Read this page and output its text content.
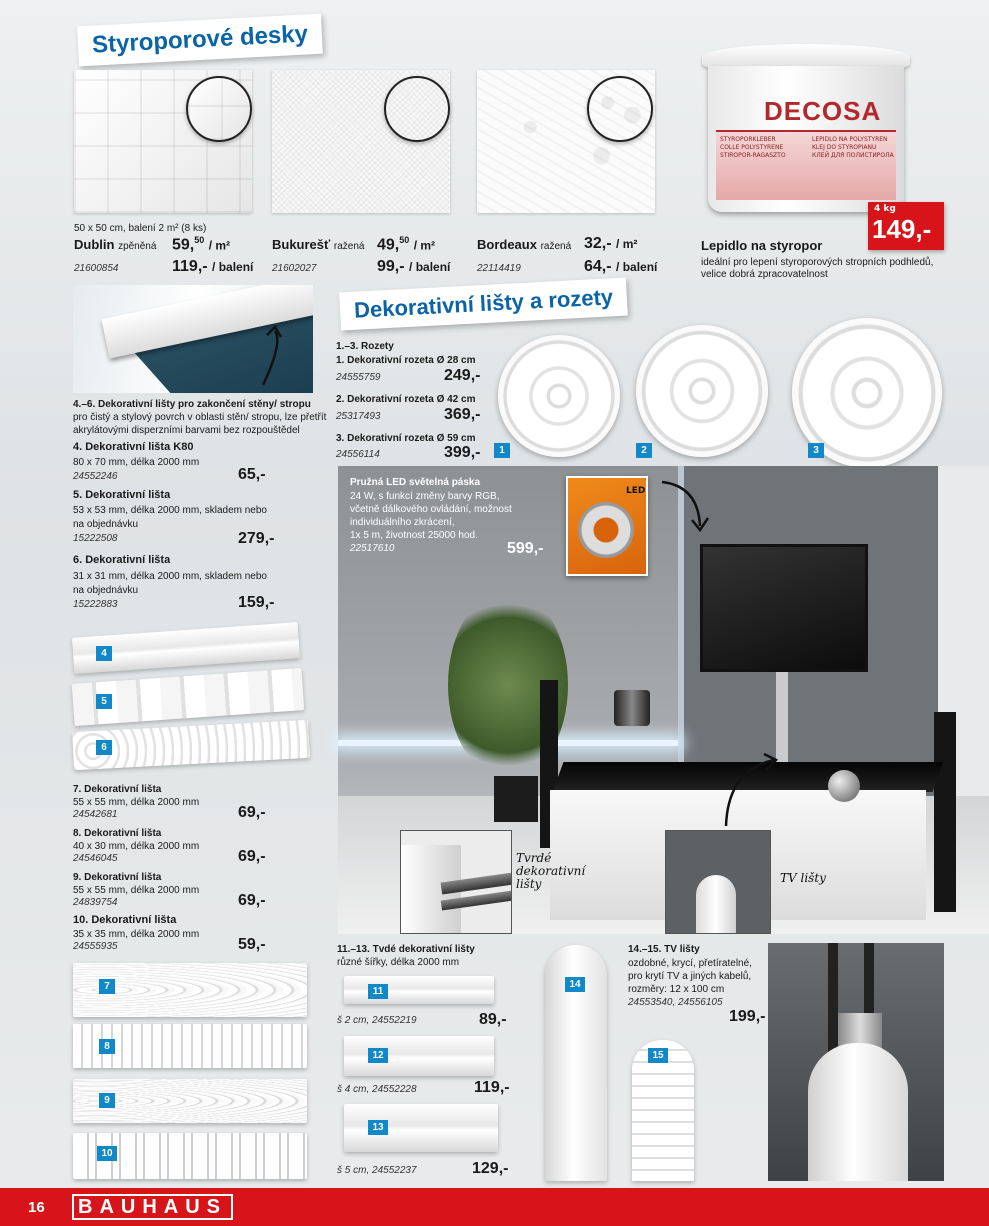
Styroporové desky
50 x 50 cm, balení 2 m² (8 ks)
Dublin zpěněná 59,50 / m²
21600854	119,- / balení
Bukurešť ražená 49,50 / m²
21602027	99,- / balení
Bordeaux ražená 32,- / m²
22114419	64,- / balení
DECOSA
STYROPORKLEBER
COLLE POLYSTYRENE
STIROPOR-RAGASZTO
LEPIDLO NA POLYSTYREN
KLEJ DO STYROPIANU
КЛЕЙ ДЛЯ ПОЛИСТИРОЛА
4 kg
149,-
Lepidlo na styropor
ideální pro lepení styroporových stropních podhledů,
velice dobrá zpracovatelnost
Dekorativní lišty a rozety
1.–3. Rozety
1. Dekorativní rozeta Ø 28 cm
24555759	249,-
2. Dekorativní rozeta Ø 42 cm
25317493	369,-
3. Dekorativní rozeta Ø 59 cm
24556114	399,-	1	2	3
4.–6. Dekorativní lišty pro zakončení stěny/ stropu
pro čistý a stylový povrch v oblasti stěn/ stropu, lze přetřít
akrylátovými disperzními barvami bez rozpouštědel
4. Dekorativní lišta K80
80 x 70 mm, délka 2000 mm
24552246	65,-
5. Dekorativní lišta
53 x 53 mm, délka 2000 mm, skladem nebo
na objednávku
15222508	279,-
6. Dekorativní lišta
31 x 31 mm, délka 2000 mm, skladem nebo
na objednávku
15222883	159,-
4
5
6
7. Dekorativní lišta
55 x 55 mm, délka 2000 mm
24542681	69,-
8. Dekorativní lišta
40 x 30 mm, délka 2000 mm
24546045	69,-
9. Dekorativní lišta
55 x 55 mm, délka 2000 mm
24839754	69,-
10. Dekorativní lišta
35 x 35 mm, délka 2000 mm
24555935	59,-
7
8
9
10
Pružná LED světelná páska
24 W, s funkcí změny barvy RGB,
včetně dálkového ovládání, možnost
individuálního zkrácení,
1x 5 m, životnost 25000 hod.
22517610	599,-
LED
Tvrdé
dekorativní
lišty	TV lišty
11.–13. Tvdé dekorativní lišty
různé šířky, délka 2000 mm
11
š 2 cm, 24552219	89,-
12
š 4 cm, 24552228	119,-
13
š 5 cm, 24552237	129,-
14
15
14.–15. TV lišty
ozdobné, krycí, přetíratelné,
pro krytí TV a jiných kabelů,
rozměry: 12 x 100 cm
24553540, 24556105
199,-
16 BAUHAUS
